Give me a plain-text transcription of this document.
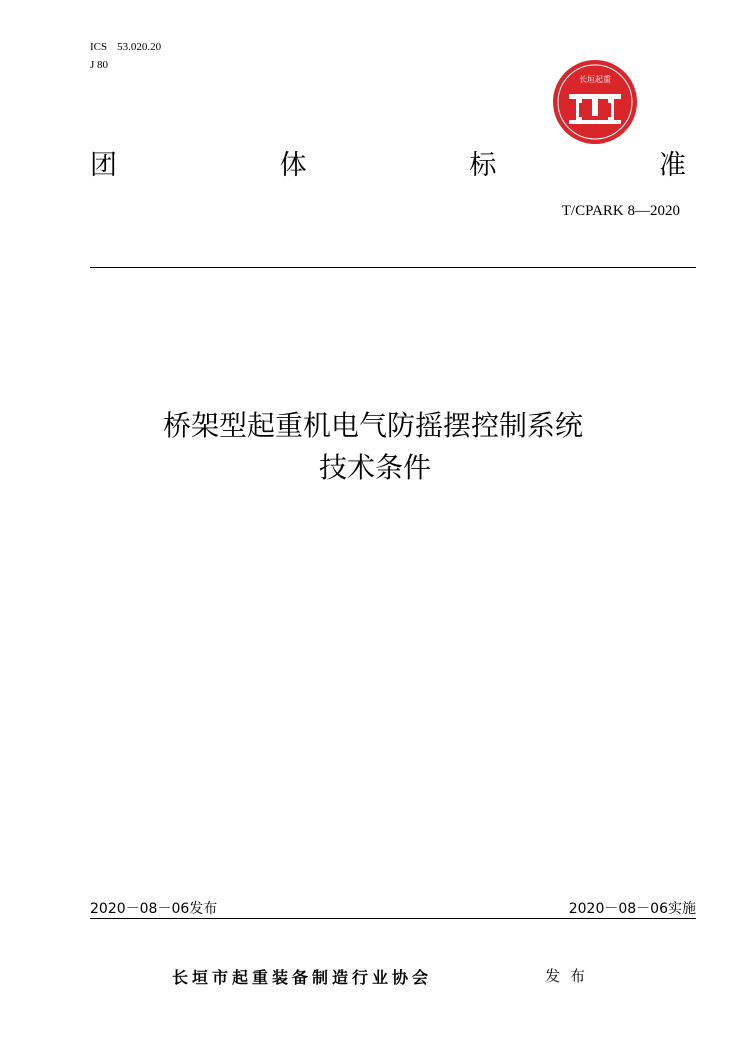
ICS 53.020.20
J 80
长垣起重
团	体	标	准
T/CPARK 8—2020
桥架型起重机电气防摇摆控制系统
技术条件
2020－08－06发布	2020－08－06实施
长垣市起重装备制造行业协会	发布
